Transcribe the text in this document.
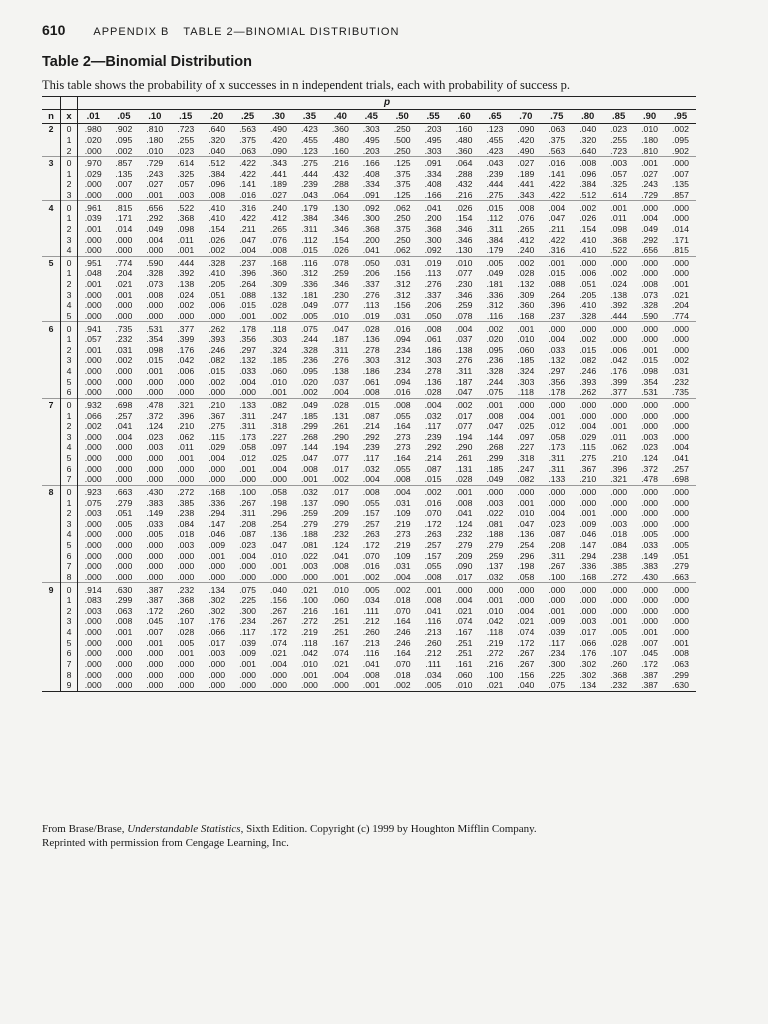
610	APPENDIX B TABLE 2—BINOMIAL DISTRIBUTION
Table 2—Binomial Distribution
This table shows the probability of x successes in n independent trials, each with probability of success p.
		p																			
n	x	.01	.05	.10	.15	.20	.25	.30	.35	.40	.45	.50	.55	.60	.65	.70	.75	.80	.85	.90	.95
2	0	.980	.902	.810	.723	.640	.563	.490	.423	.360	.303	.250	.203	.160	.123	.090	.063	.040	.023	.010	.002
	1	.020	.095	.180	.255	.320	.375	.420	.455	.480	.495	.500	.495	.480	.455	.420	.375	.320	.255	.180	.095
	2	.000	.002	.010	.023	.040	.063	.090	.123	.160	.203	.250	.303	.360	.423	.490	.563	.640	.723	.810	.902
3	0	.970	.857	.729	.614	.512	.422	.343	.275	.216	.166	.125	.091	.064	.043	.027	.016	.008	.003	.001	.000
	1	.029	.135	.243	.325	.384	.422	.441	.444	.432	.408	.375	.334	.288	.239	.189	.141	.096	.057	.027	.007
	2	.000	.007	.027	.057	.096	.141	.189	.239	.288	.334	.375	.408	.432	.444	.441	.422	.384	.325	.243	.135
	3	.000	.000	.001	.003	.008	.016	.027	.043	.064	.091	.125	.166	.216	.275	.343	.422	.512	.614	.729	.857
4	0	.961	.815	.656	.522	.410	.316	.240	.179	.130	.092	.062	.041	.026	.015	.008	.004	.002	.001	.000	.000
	1	.039	.171	.292	.368	.410	.422	.412	.384	.346	.300	.250	.200	.154	.112	.076	.047	.026	.011	.004	.000
	2	.001	.014	.049	.098	.154	.211	.265	.311	.346	.368	.375	.368	.346	.311	.265	.211	.154	.098	.049	.014
	3	.000	.000	.004	.011	.026	.047	.076	.112	.154	.200	.250	.300	.346	.384	.412	.422	.410	.368	.292	.171
	4	.000	.000	.000	.001	.002	.004	.008	.015	.026	.041	.062	.092	.130	.179	.240	.316	.410	.522	.656	.815
5	0	.951	.774	.590	.444	.328	.237	.168	.116	.078	.050	.031	.019	.010	.005	.002	.001	.000	.000	.000	.000
	1	.048	.204	.328	.392	.410	.396	.360	.312	.259	.206	.156	.113	.077	.049	.028	.015	.006	.002	.000	.000
	2	.001	.021	.073	.138	.205	.264	.309	.336	.346	.337	.312	.276	.230	.181	.132	.088	.051	.024	.008	.001
	3	.000	.001	.008	.024	.051	.088	.132	.181	.230	.276	.312	.337	.346	.336	.309	.264	.205	.138	.073	.021
	4	.000	.000	.000	.002	.006	.015	.028	.049	.077	.113	.156	.206	.259	.312	.360	.396	.410	.392	.328	.204
	5	.000	.000	.000	.000	.000	.001	.002	.005	.010	.019	.031	.050	.078	.116	.168	.237	.328	.444	.590	.774
6	0	.941	.735	.531	.377	.262	.178	.118	.075	.047	.028	.016	.008	.004	.002	.001	.000	.000	.000	.000	.000
	1	.057	.232	.354	.399	.393	.356	.303	.244	.187	.136	.094	.061	.037	.020	.010	.004	.002	.000	.000	.000
	2	.001	.031	.098	.176	.246	.297	.324	.328	.311	.278	.234	.186	.138	.095	.060	.033	.015	.006	.001	.000
	3	.000	.002	.015	.042	.082	.132	.185	.236	.276	.303	.312	.303	.276	.236	.185	.132	.082	.042	.015	.002
	4	.000	.000	.001	.006	.015	.033	.060	.095	.138	.186	.234	.278	.311	.328	.324	.297	.246	.176	.098	.031
	5	.000	.000	.000	.000	.002	.004	.010	.020	.037	.061	.094	.136	.187	.244	.303	.356	.393	.399	.354	.232
	6	.000	.000	.000	.000	.000	.000	.001	.002	.004	.008	.016	.028	.047	.075	.118	.178	.262	.377	.531	.735
7	0	.932	.698	.478	.321	.210	.133	.082	.049	.028	.015	.008	.004	.002	.001	.000	.000	.000	.000	.000	.000
	1	.066	.257	.372	.396	.367	.311	.247	.185	.131	.087	.055	.032	.017	.008	.004	.001	.000	.000	.000	.000
	2	.002	.041	.124	.210	.275	.311	.318	.299	.261	.214	.164	.117	.077	.047	.025	.012	.004	.001	.000	.000
	3	.000	.004	.023	.062	.115	.173	.227	.268	.290	.292	.273	.239	.194	.144	.097	.058	.029	.011	.003	.000
	4	.000	.000	.003	.011	.029	.058	.097	.144	.194	.239	.273	.292	.290	.268	.227	.173	.115	.062	.023	.004
	5	.000	.000	.000	.001	.004	.012	.025	.047	.077	.117	.164	.214	.261	.299	.318	.311	.275	.210	.124	.041
	6	.000	.000	.000	.000	.000	.001	.004	.008	.017	.032	.055	.087	.131	.185	.247	.311	.367	.396	.372	.257
	7	.000	.000	.000	.000	.000	.000	.000	.001	.002	.004	.008	.015	.028	.049	.082	.133	.210	.321	.478	.698
8	0	.923	.663	.430	.272	.168	.100	.058	.032	.017	.008	.004	.002	.001	.000	.000	.000	.000	.000	.000	.000
	1	.075	.279	.383	.385	.336	.267	.198	.137	.090	.055	.031	.016	.008	.003	.001	.000	.000	.000	.000	.000
	2	.003	.051	.149	.238	.294	.311	.296	.259	.209	.157	.109	.070	.041	.022	.010	.004	.001	.000	.000	.000
	3	.000	.005	.033	.084	.147	.208	.254	.279	.279	.257	.219	.172	.124	.081	.047	.023	.009	.003	.000	.000
	4	.000	.000	.005	.018	.046	.087	.136	.188	.232	.263	.273	.263	.232	.188	.136	.087	.046	.018	.005	.000
	5	.000	.000	.000	.003	.009	.023	.047	.081	.124	.172	.219	.257	.279	.279	.254	.208	.147	.084	.033	.005
	6	.000	.000	.000	.000	.001	.004	.010	.022	.041	.070	.109	.157	.209	.259	.296	.311	.294	.238	.149	.051
	7	.000	.000	.000	.000	.000	.000	.001	.003	.008	.016	.031	.055	.090	.137	.198	.267	.336	.385	.383	.279
	8	.000	.000	.000	.000	.000	.000	.000	.000	.001	.002	.004	.008	.017	.032	.058	.100	.168	.272	.430	.663
9	0	.914	.630	.387	.232	.134	.075	.040	.021	.010	.005	.002	.001	.000	.000	.000	.000	.000	.000	.000	.000
	1	.083	.299	.387	.368	.302	.225	.156	.100	.060	.034	.018	.008	.004	.001	.000	.000	.000	.000	.000	.000
	2	.003	.063	.172	.260	.302	.300	.267	.216	.161	.111	.070	.041	.021	.010	.004	.001	.000	.000	.000	.000
	3	.000	.008	.045	.107	.176	.234	.267	.272	.251	.212	.164	.116	.074	.042	.021	.009	.003	.001	.000	.000
	4	.000	.001	.007	.028	.066	.117	.172	.219	.251	.260	.246	.213	.167	.118	.074	.039	.017	.005	.001	.000
	5	.000	.000	.001	.005	.017	.039	.074	.118	.167	.213	.246	.260	.251	.219	.172	.117	.066	.028	.007	.001
	6	.000	.000	.000	.001	.003	.009	.021	.042	.074	.116	.164	.212	.251	.272	.267	.234	.176	.107	.045	.008
	7	.000	.000	.000	.000	.000	.001	.004	.010	.021	.041	.070	.111	.161	.216	.267	.300	.302	.260	.172	.063
	8	.000	.000	.000	.000	.000	.000	.000	.001	.004	.008	.018	.034	.060	.100	.156	.225	.302	.368	.387	.299
	9	.000	.000	.000	.000	.000	.000	.000	.000	.000	.001	.002	.005	.010	.021	.040	.075	.134	.232	.387	.630
From Brase/Brase, Understandable Statistics, Sixth Edition. Copyright (c) 1999 by Houghton Mifflin Company.
Reprinted with permission from Cengage Learning, Inc.
